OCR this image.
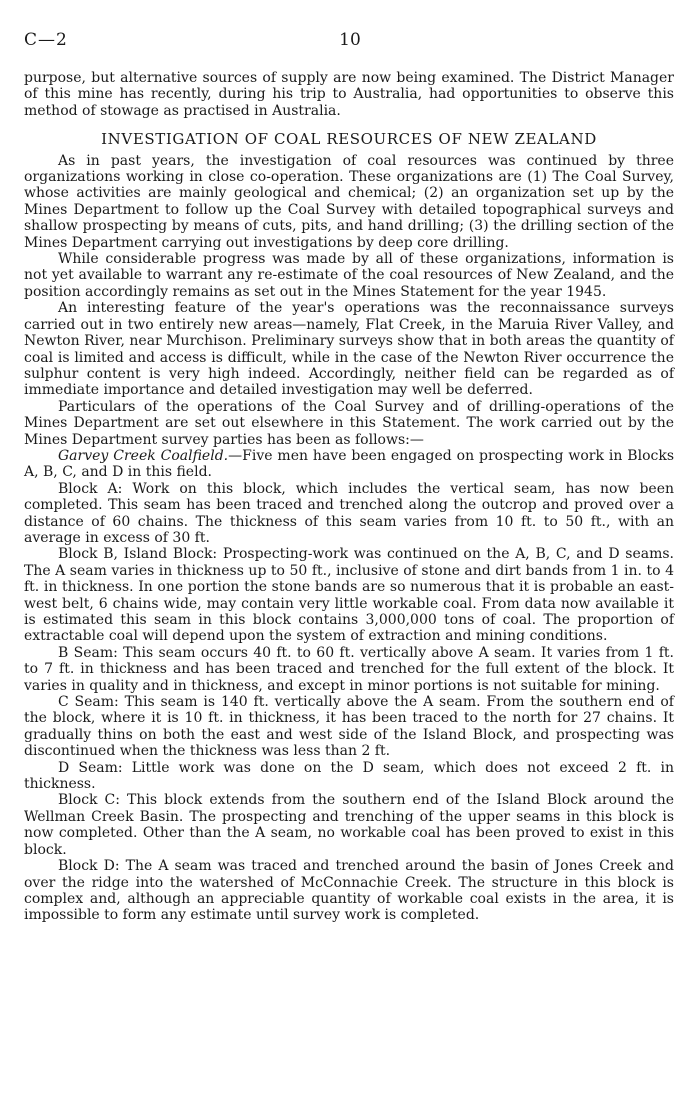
C—2	10

purpose, but alternative sources of supply are now being examined. The District Manager of this mine has recently, during his trip to Australia, had opportunities to observe this method of stowage as practised in Australia.

INVESTIGATION OF COAL RESOURCES OF NEW ZEALAND

As in past years, the investigation of coal resources was continued by three organizations working in close co-operation. These organizations are (1) The Coal Survey, whose activities are mainly geological and chemical; (2) an organization set up by the Mines Department to follow up the Coal Survey with detailed topographical surveys and shallow prospecting by means of cuts, pits, and hand drilling; (3) the drilling section of the Mines Department carrying out investigations by deep core drilling.

While considerable progress was made by all of these organizations, information is not yet available to warrant any re-estimate of the coal resources of New Zealand, and the position accordingly remains as set out in the Mines Statement for the year 1945.

An interesting feature of the year's operations was the reconnaissance surveys carried out in two entirely new areas—namely, Flat Creek, in the Maruia River Valley, and Newton River, near Murchison. Preliminary surveys show that in both areas the quantity of coal is limited and access is difficult, while in the case of the Newton River occurrence the sulphur content is very high indeed. Accordingly, neither field can be regarded as of immediate importance and detailed investigation may well be deferred.

Particulars of the operations of the Coal Survey and of drilling-operations of the Mines Department are set out elsewhere in this Statement. The work carried out by the Mines Department survey parties has been as follows:—

Garvey Creek Coalfield.—Five men have been engaged on prospecting work in Blocks A, B, C, and D in this field.

Block A: Work on this block, which includes the vertical seam, has now been completed. This seam has been traced and trenched along the outcrop and proved over a distance of 60 chains. The thickness of this seam varies from 10 ft. to 50 ft., with an average in excess of 30 ft.

Block B, Island Block: Prospecting-work was continued on the A, B, C, and D seams. The A seam varies in thickness up to 50 ft., inclusive of stone and dirt bands from 1 in. to 4 ft. in thickness. In one portion the stone bands are so numerous that it is probable an east-west belt, 6 chains wide, may contain very little workable coal. From data now available it is estimated this seam in this block contains 3,000,000 tons of coal. The proportion of extractable coal will depend upon the system of extraction and mining conditions.

B Seam: This seam occurs 40 ft. to 60 ft. vertically above A seam. It varies from 1 ft. to 7 ft. in thickness and has been traced and trenched for the full extent of the block. It varies in quality and in thickness, and except in minor portions is not suitable for mining.

C Seam: This seam is 140 ft. vertically above the A seam. From the southern end of the block, where it is 10 ft. in thickness, it has been traced to the north for 27 chains. It gradually thins on both the east and west side of the Island Block, and prospecting was discontinued when the thickness was less than 2 ft.

D Seam: Little work was done on the D seam, which does not exceed 2 ft. in thickness.

Block C: This block extends from the southern end of the Island Block around the Wellman Creek Basin. The prospecting and trenching of the upper seams in this block is now completed. Other than the A seam, no workable coal has been proved to exist in this block.

Block D: The A seam was traced and trenched around the basin of Jones Creek and over the ridge into the watershed of McConnachie Creek. The structure in this block is complex and, although an appreciable quantity of workable coal exists in the area, it is impossible to form any estimate until survey work is completed.
